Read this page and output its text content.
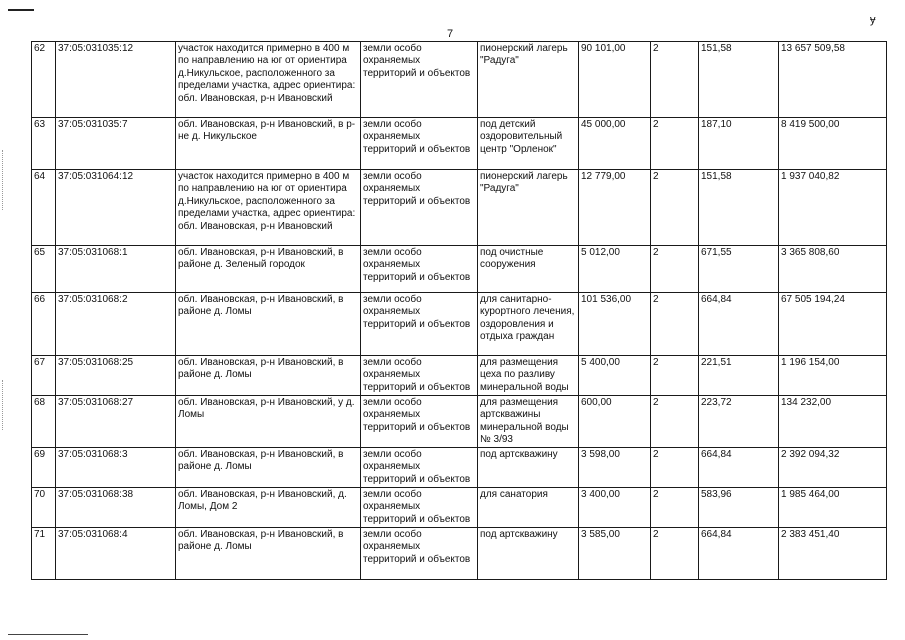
7
ɏ
62	37:05:031035:12	участок находится примерно в 400 м по направлению на юг от ориентира д.Никульское, расположенного за пределами участка, адрес ориентира: обл. Ивановская, р-н Ивановский	земли особо охраняемых территорий и объектов	пионерский лагерь "Радуга"	90 101,00	2	151,58	13 657 509,58
63	37:05:031035:7	обл. Ивановская, р-н Ивановский, в р-не д. Никульское	земли особо охраняемых территорий и объектов	под детский оздоровительный центр "Орленок"	45 000,00	2	187,10	8 419 500,00
64	37:05:031064:12	участок находится примерно в 400 м по направлению на юг от ориентира д.Никульское, расположенного за пределами участка, адрес ориентира: обл. Ивановская, р-н Ивановский	земли особо охраняемых территорий и объектов	пионерский лагерь "Радуга"	12 779,00	2	151,58	1 937 040,82
65	37:05:031068:1	обл. Ивановская, р-н Ивановский, в районе д. Зеленый городок	земли особо охраняемых территорий и объектов	под очистные сооружения	5 012,00	2	671,55	3 365 808,60
66	37:05:031068:2	обл. Ивановская, р-н Ивановский, в районе д. Ломы	земли особо охраняемых территорий и объектов	для санитарно-курортного лечения, оздоровления и отдыха граждан	101 536,00	2	664,84	67 505 194,24
67	37:05:031068:25	обл. Ивановская, р-н Ивановский, в районе д. Ломы	земли особо охраняемых территорий и объектов	для размещения цеха по разливу минеральной воды	5 400,00	2	221,51	1 196 154,00
68	37:05:031068:27	обл. Ивановская, р-н Ивановский, у д. Ломы	земли особо охраняемых территорий и объектов	для размещения артскважины минеральной воды № 3/93	600,00	2	223,72	134 232,00
69	37:05:031068:3	обл. Ивановская, р-н Ивановский, в районе д. Ломы	земли особо охраняемых территорий и объектов	под артскважину	3 598,00	2	664,84	2 392 094,32
70	37:05:031068:38	обл. Ивановская, р-н Ивановский, д. Ломы, Дом 2	земли особо охраняемых территорий и объектов	для санатория	3 400,00	2	583,96	1 985 464,00
71	37:05:031068:4	обл. Ивановская, р-н Ивановский, в районе д. Ломы	земли особо охраняемых территорий и объектов	под артскважину	3 585,00	2	664,84	2 383 451,40
